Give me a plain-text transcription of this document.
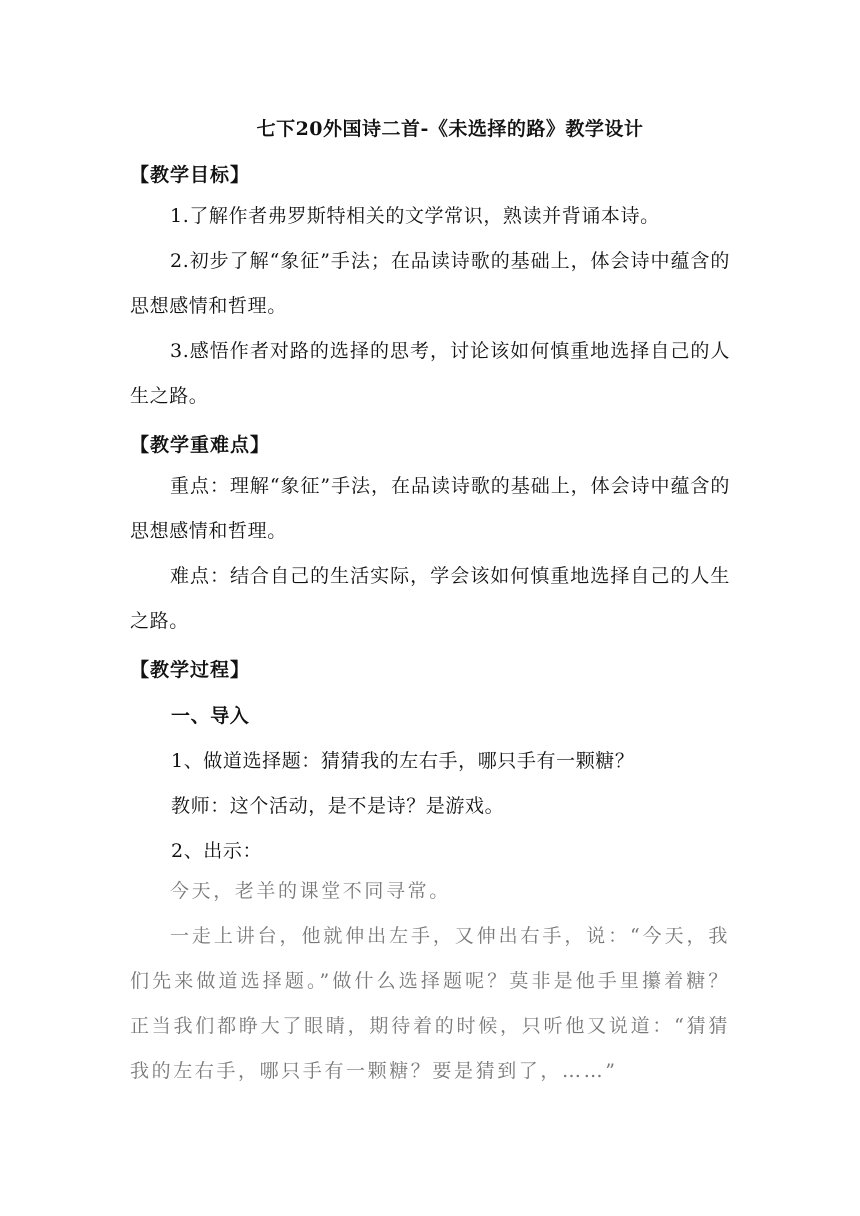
七下20外国诗二首-《未选择的路》教学设计
【教学目标】
1.了解作者弗罗斯特相关的文学常识，熟读并背诵本诗。
2.初步了解“象征”手法；在品读诗歌的基础上，体会诗中蕴含的思想感情和哲理。
3.感悟作者对路的选择的思考，讨论该如何慎重地选择自己的人生之路。
【教学重难点】
重点：理解“象征”手法，在品读诗歌的基础上，体会诗中蕴含的思想感情和哲理。
难点：结合自己的生活实际，学会该如何慎重地选择自己的人生之路。
【教学过程】
一、导入
1、做道选择题：猜猜我的左右手，哪只手有一颗糖？
教师：这个活动，是不是诗？是游戏。
2、出示：
今天，老羊的课堂不同寻常。
一走上讲台，他就伸出左手，又伸出右手，说：“今天，我们先来做道选择题。”做什么选择题呢？莫非是他手里攥着糖？正当我们都睁大了眼睛，期待着的时候，只听他又说道：“猜猜我的左右手，哪只手有一颗糖？要是猜到了，……”
